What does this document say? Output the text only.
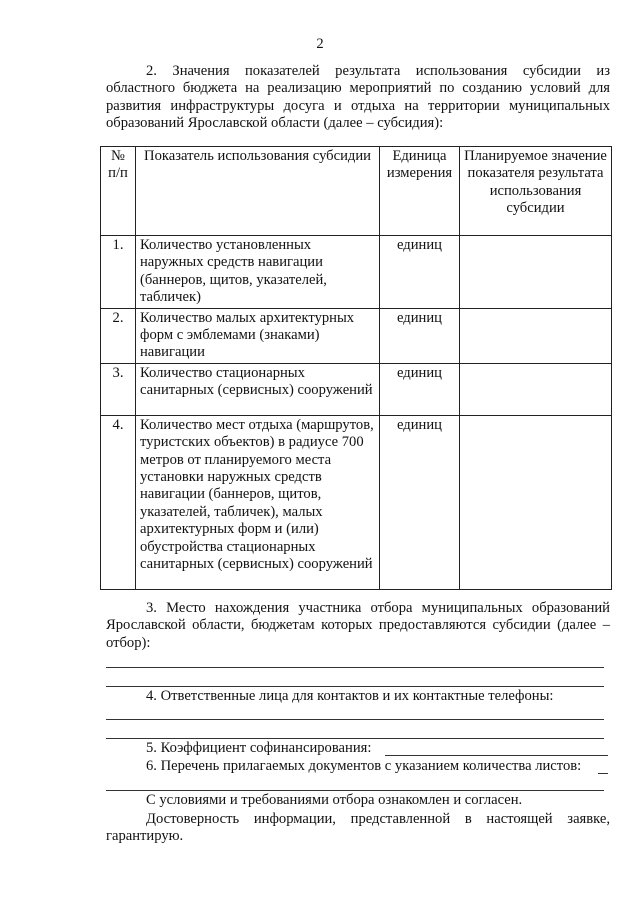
2
2. Значения показателей результата использования субсидии из областного бюджета на реализацию мероприятий по созданию условий для развития инфраструктуры досуга и отдыха на территории муниципальных образований Ярославской области (далее – субсидия):
№ п/п	Показатель использования субсидии	Единица измерения	Планируемое значение показателя результата использования субсидии
1.	Количество установленных наружных средств навигации (баннеров, щитов, указателей, табличек)	единиц	
2.	Количество малых архитектурных форм с эмблемами (знаками) навигации	единиц	
3.	Количество стационарных санитарных (сервисных) сооружений	единиц	
4.	Количество мест отдыха (маршрутов, туристских объектов) в радиусе 700 метров от планируемого места установки наружных средств навигации (баннеров, щитов, указателей, табличек), малых архитектурных форм и (или) обустройства стационарных санитарных (сервисных) сооружений	единиц	
3. Место нахождения участника отбора муниципальных образований Ярославской области, бюджетам которых предоставляются субсидии (далее – отбор):
4. Ответственные лица для контактов и их контактные телефоны:
5. Коэффициент софинансирования:
6. Перечень прилагаемых документов с указанием количества листов:
С условиями и требованиями отбора ознакомлен и согласен.
Достоверность информации, представленной в настоящей заявке, гарантирую.
